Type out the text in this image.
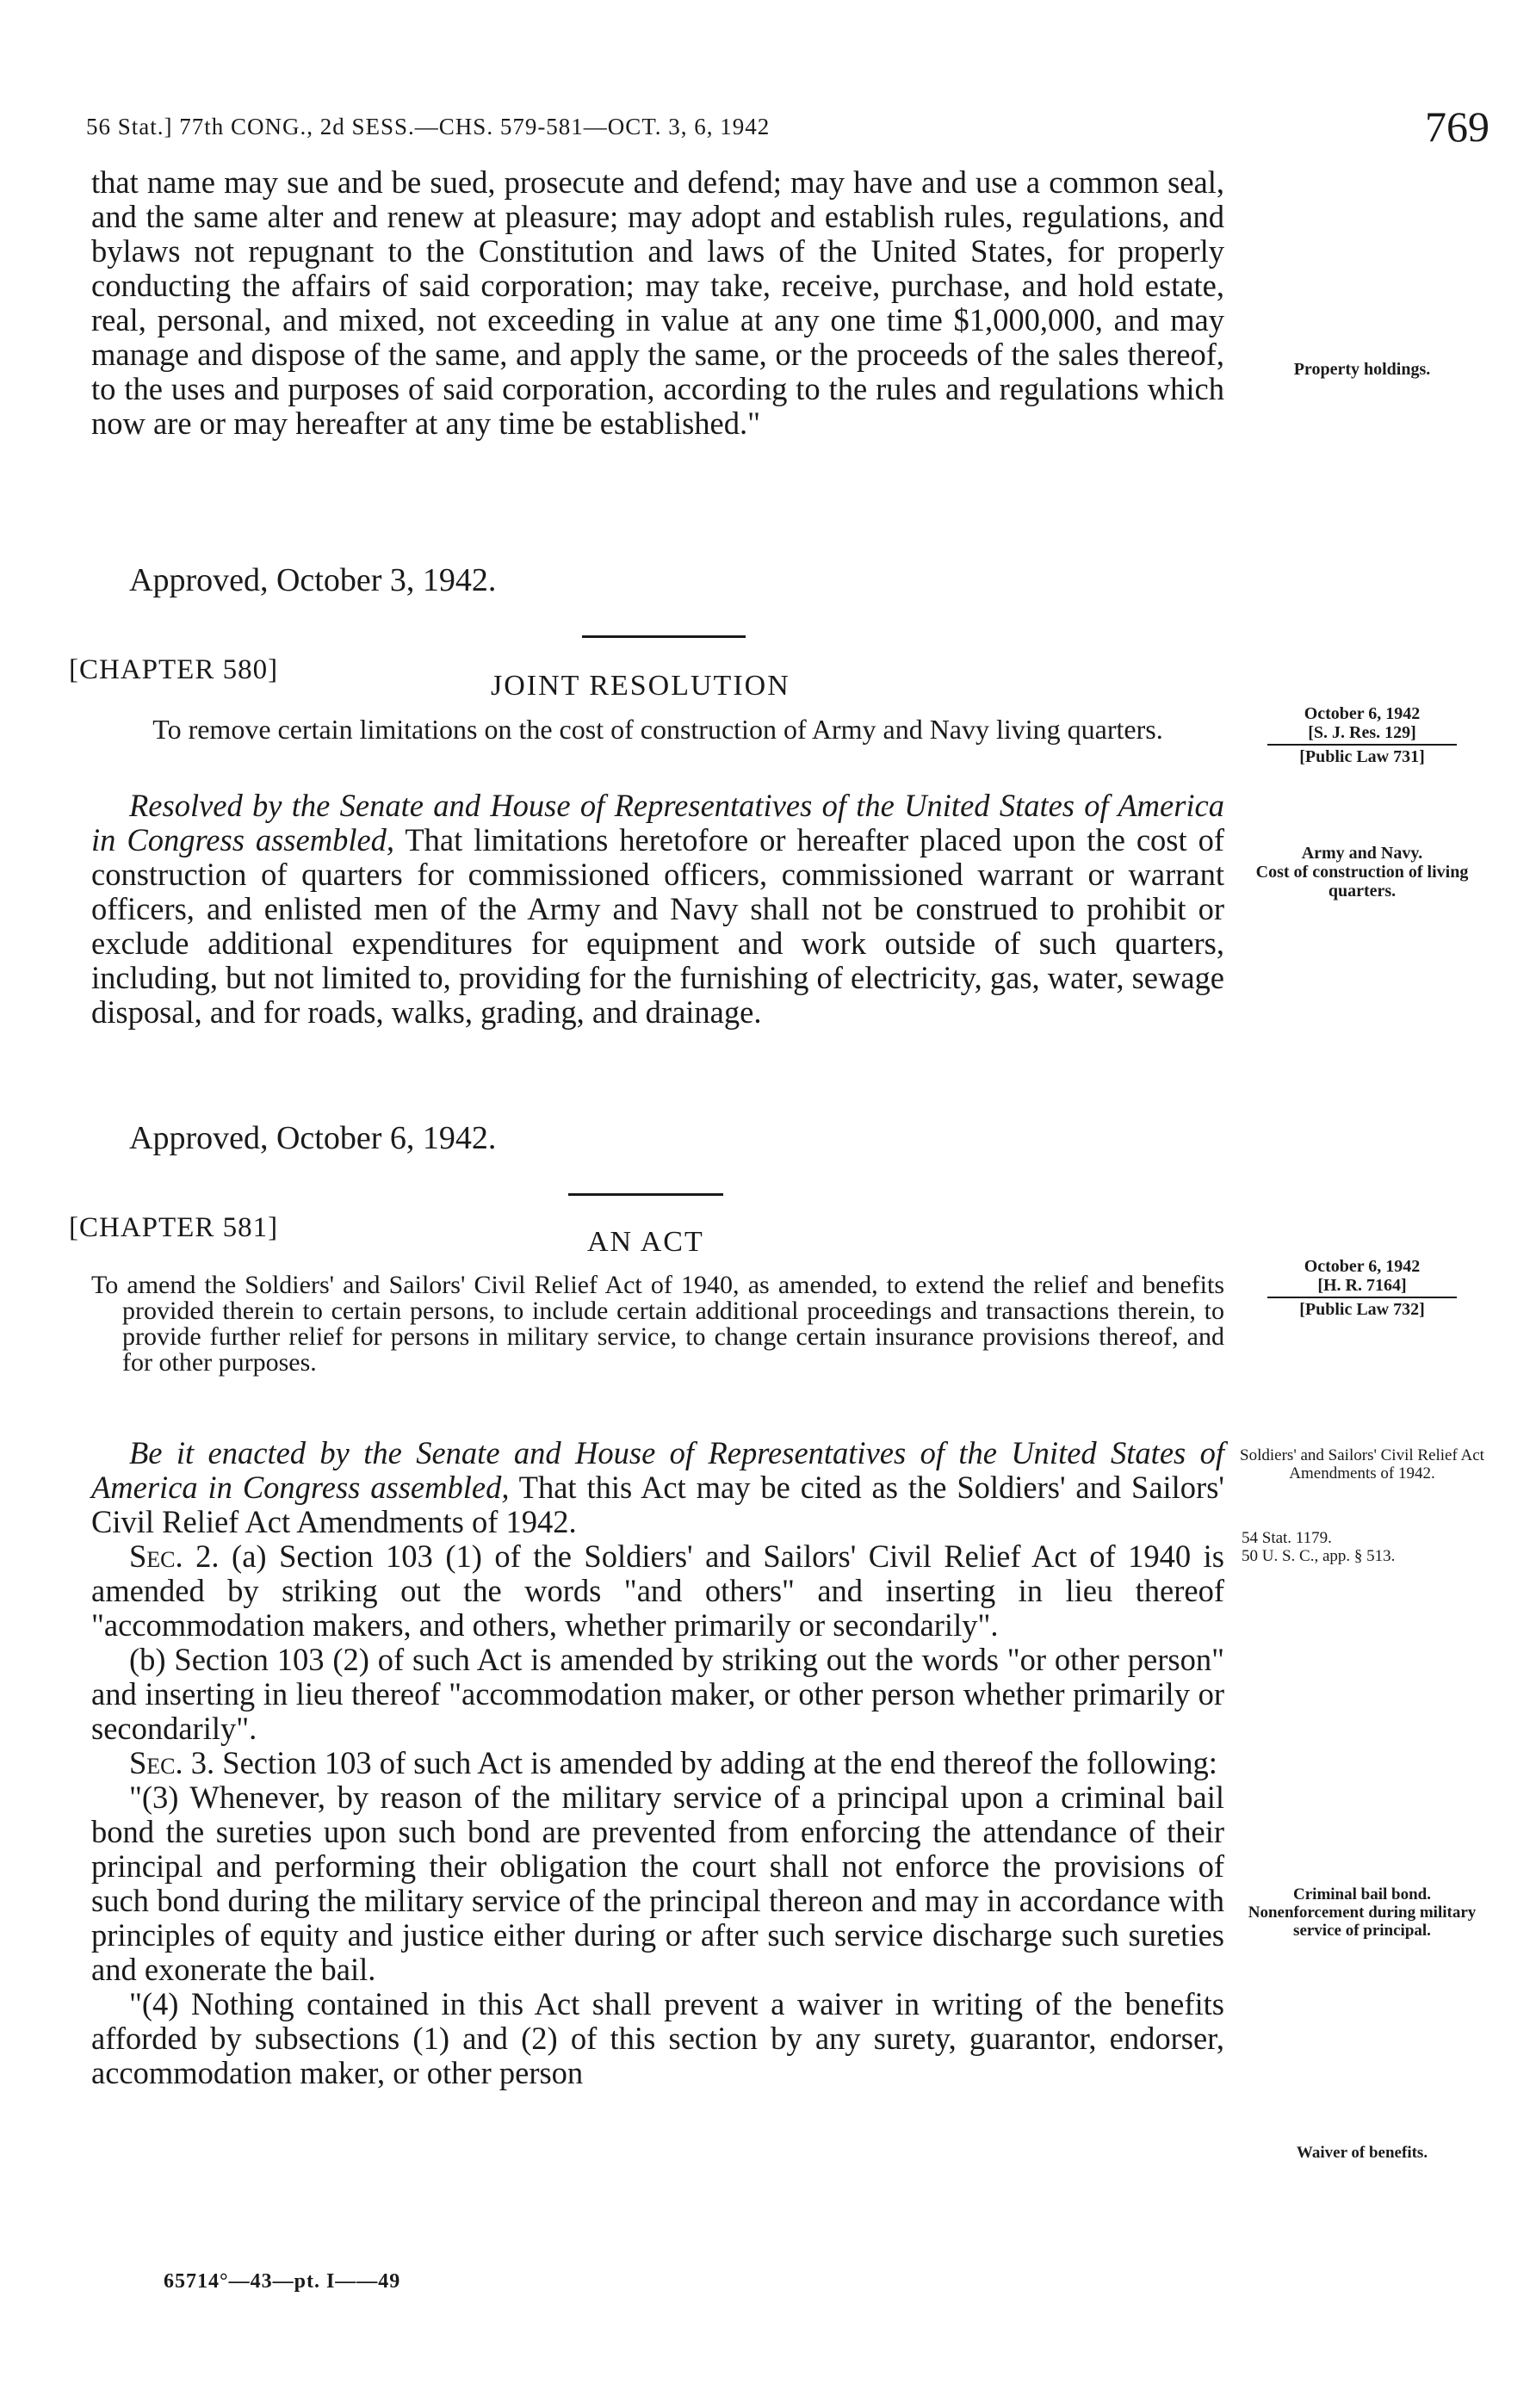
56 Stat.] 77th CONG., 2d SESS.—CHS. 579-581—OCT. 3, 6, 1942	769

that name may sue and be sued, prosecute and defend; may have and use a common seal, and the same alter and renew at pleasure; may adopt and establish rules, regulations, and bylaws not repugnant to the Constitution and laws of the United States, for properly conducting the affairs of said corporation; may take, receive, purchase, and hold estate, real, personal, and mixed, not exceeding in value at any one time $1,000,000, and may manage and dispose of the same, and apply the same, or the proceeds of the sales thereof, to the uses and purposes of said corporation, according to the rules and regulations which now are or may hereafter at any time be established."

Approved, October 3, 1942.
Property holdings.
[CHAPTER 580]	JOINT RESOLUTION

To remove certain limitations on the cost of construction of Army and Navy living quarters.	October 6, 1942
[S. J. Res. 129]
[Public Law 731]

Resolved by the Senate and House of Representatives of the United States of America in Congress assembled, That limitations heretofore or hereafter placed upon the cost of construction of quarters for commissioned officers, commissioned warrant or warrant officers, and enlisted men of the Army and Navy shall not be construed to prohibit or exclude additional expenditures for equipment and work outside of such quarters, including, but not limited to, providing for the furnishing of electricity, gas, water, sewage disposal, and for roads, walks, grading, and drainage.

Approved, October 6, 1942.
Army and Navy.
Cost of construction of living quarters.
[CHAPTER 581]	AN ACT

To amend the Soldiers' and Sailors' Civil Relief Act of 1940, as amended, to extend the relief and benefits provided therein to certain persons, to include certain additional proceedings and transactions therein, to provide further relief for persons in military service, to change certain insurance provisions thereof, and for other purposes.

October 6, 1942
[H. R. 7164]
[Public Law 732]

Be it enacted by the Senate and House of Representatives of the United States of America in Congress assembled, That this Act may be cited as the Soldiers' and Sailors' Civil Relief Act Amendments of 1942.

Sec. 2. (a) Section 103 (1) of the Soldiers' and Sailors' Civil Relief Act of 1940 is amended by striking out the words "and others" and inserting in lieu thereof "accommodation makers, and others, whether primarily or secondarily".

(b) Section 103 (2) of such Act is amended by striking out the words "or other person" and inserting in lieu thereof "accommodation maker, or other person whether primarily or secondarily".

Sec. 3. Section 103 of such Act is amended by adding at the end thereof the following:

"(3) Whenever, by reason of the military service of a principal upon a criminal bail bond the sureties upon such bond are prevented from enforcing the attendance of their principal and performing their obligation the court shall not enforce the provisions of such bond during the military service of the principal thereon and may in accordance with principles of equity and justice either during or after such service discharge such sureties and exonerate the bail.

"(4) Nothing contained in this Act shall prevent a waiver in writing of the benefits afforded by subsections (1) and (2) of this section by any surety, guarantor, endorser, accommodation maker, or other person

Soldiers' and Sailors' Civil Relief Act Amendments of 1942.
54 Stat. 1179.
50 U. S. C., app. § 513.
Criminal bail bond.
Nonenforcement during military service of principal.
Waiver of benefits.
65714°—43—pt. I——49
